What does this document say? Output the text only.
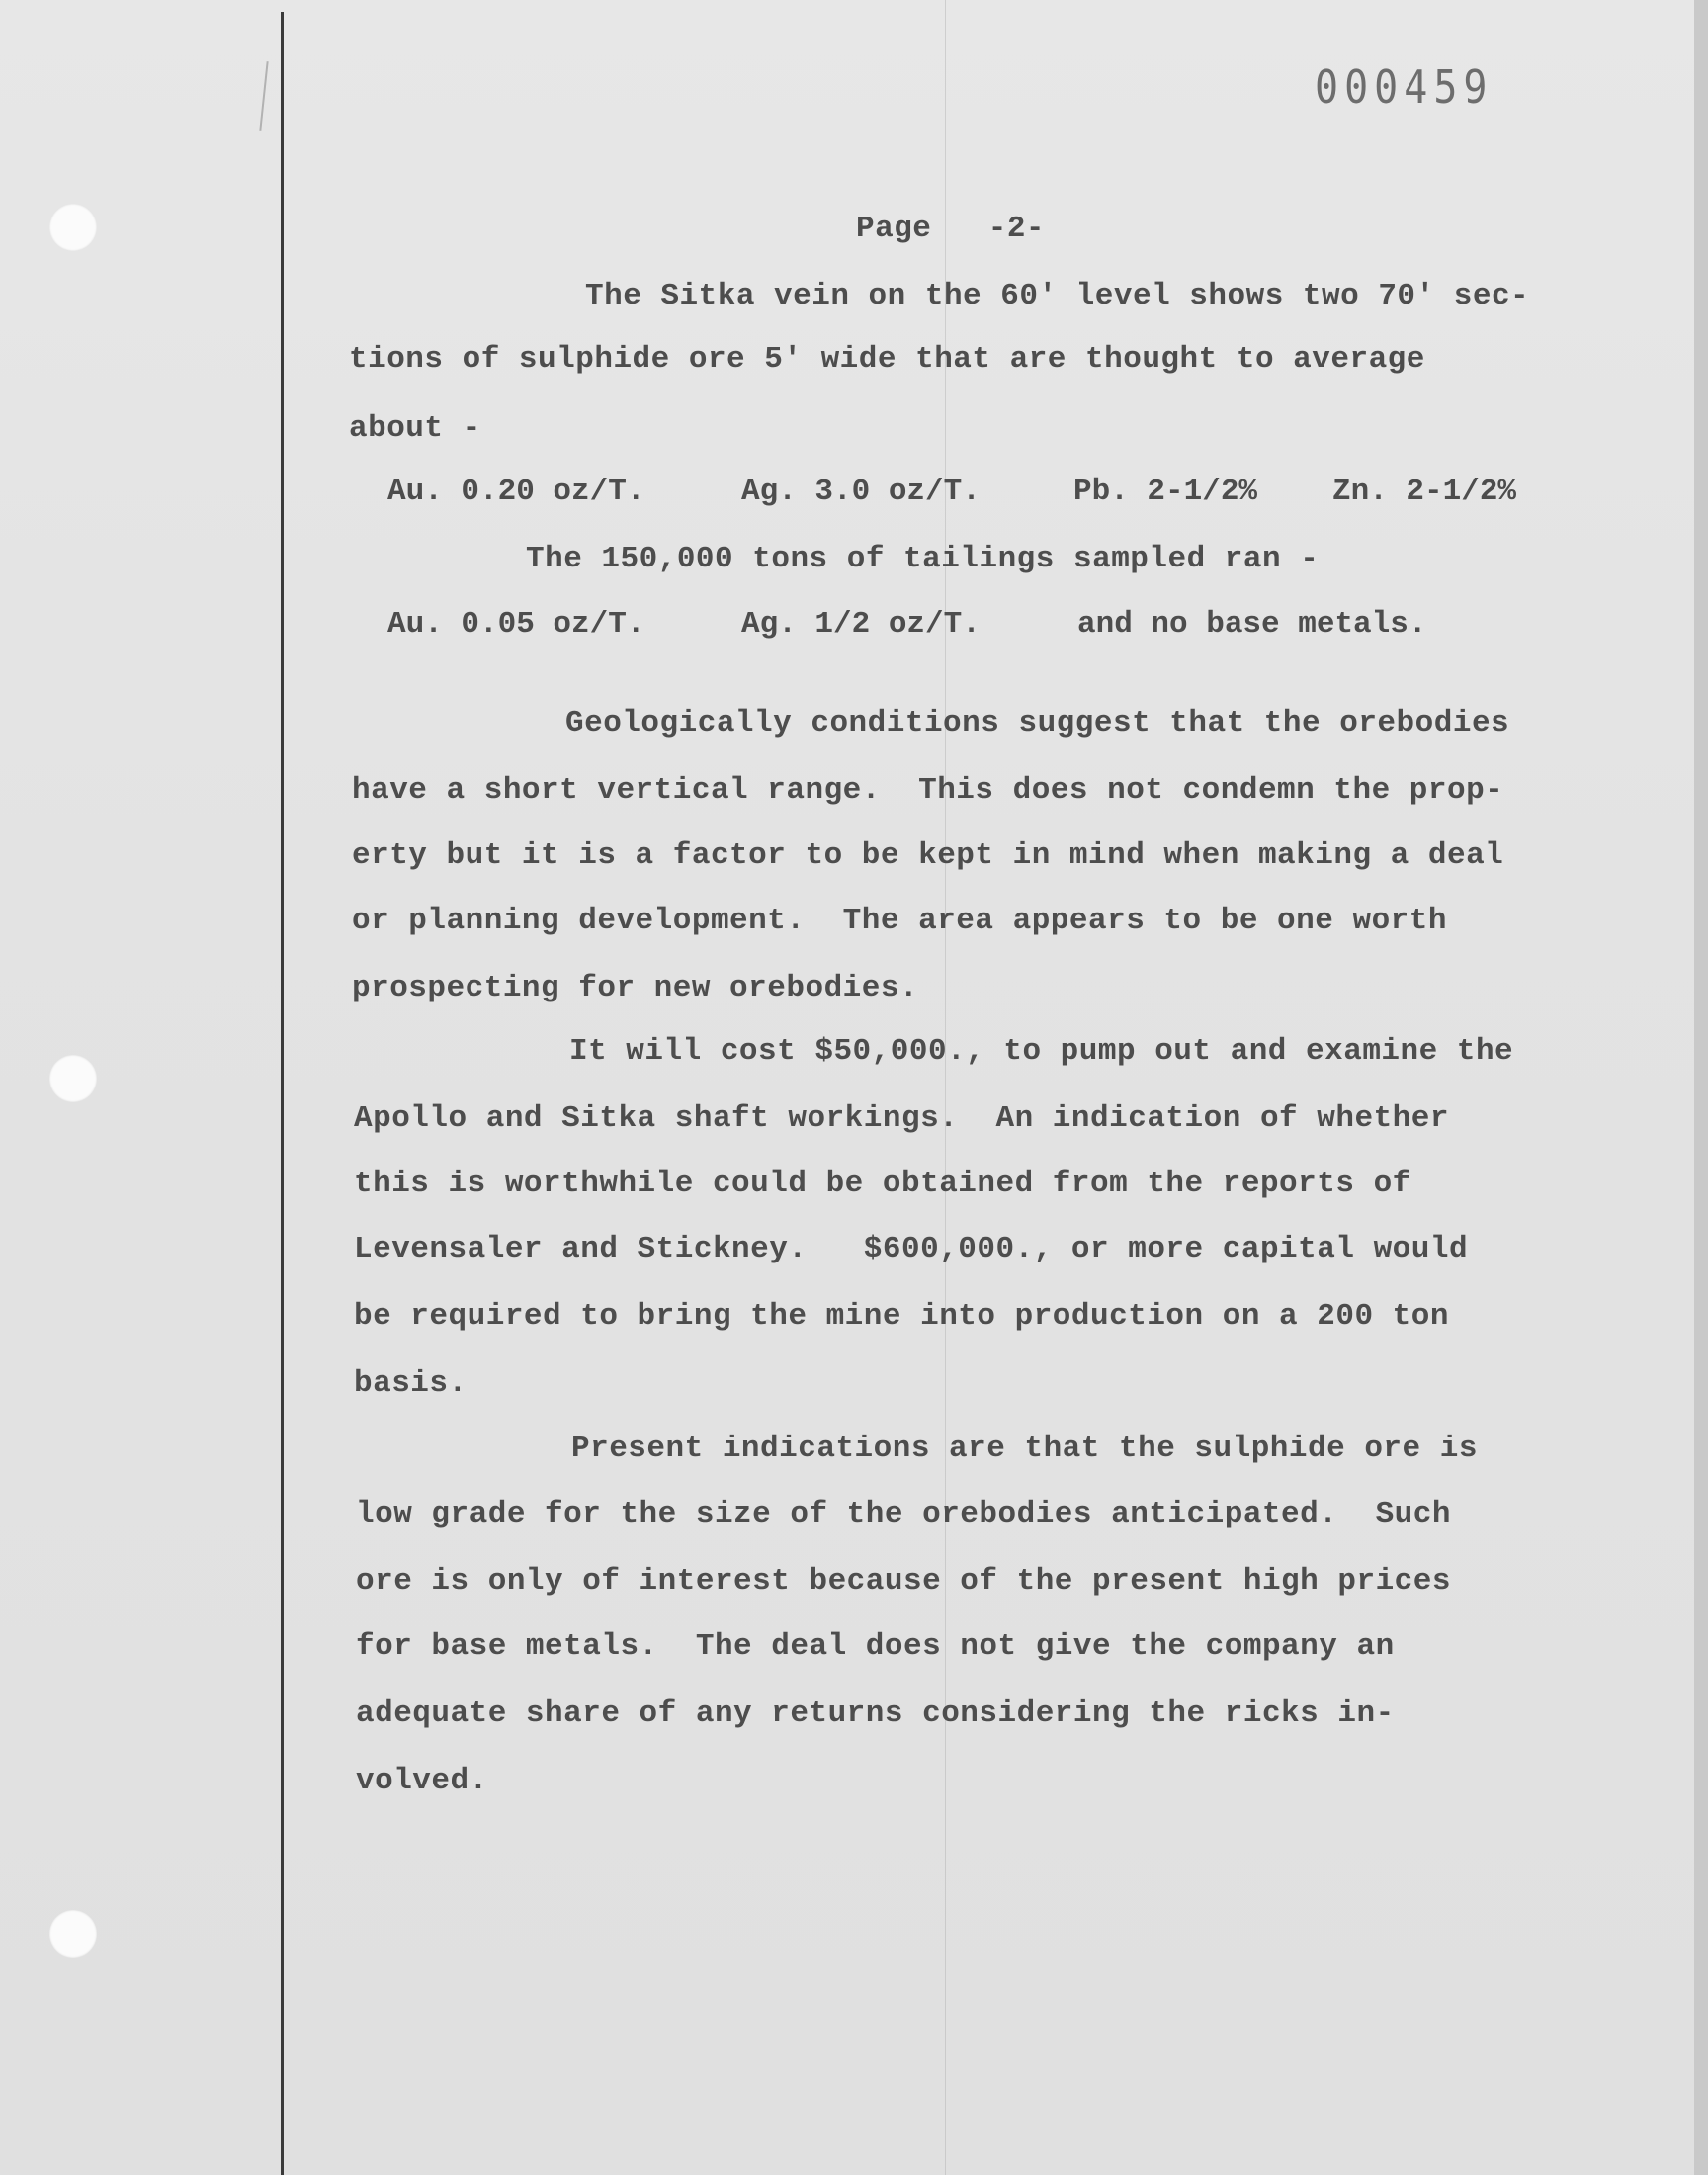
000459
Page   -2-
The Sitka vein on the 60' level shows two 70' sec-
tions of sulphide ore 5' wide that are thought to average
about -
Au. 0.20 oz/T.	Ag. 3.0 oz/T.	Pb. 2-1/2% Zn. 2-1/2%
The 150,000 tons of tailings sampled ran -
Au. 0.05 oz/T.	Ag. 1/2 oz/T.	and no base metals.
Geologically conditions suggest that the orebodies
have a short vertical range.  This does not condemn the prop-
erty but it is a factor to be kept in mind when making a deal
or planning development.  The area appears to be one worth
prospecting for new orebodies.
It will cost $50,000., to pump out and examine the
Apollo and Sitka shaft workings.  An indication of whether
this is worthwhile could be obtained from the reports of
Levensaler and Stickney.   $600,000., or more capital would
be required to bring the mine into production on a 200 ton
basis.
Present indications are that the sulphide ore is
low grade for the size of the orebodies anticipated.  Such
ore is only of interest because of the present high prices
for base metals.  The deal does not give the company an
adequate share of any returns considering the ricks in-
volved.
